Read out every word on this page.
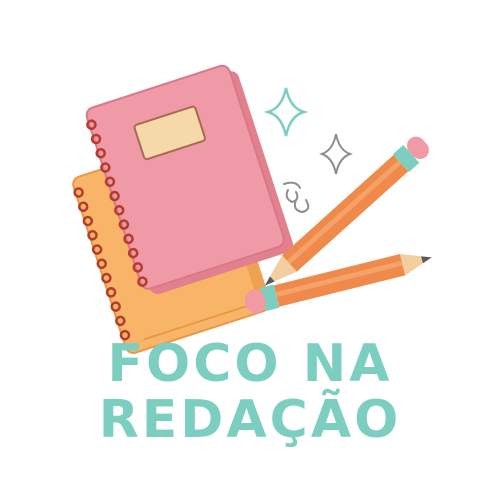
FOCO NA
REDAÇÃO
